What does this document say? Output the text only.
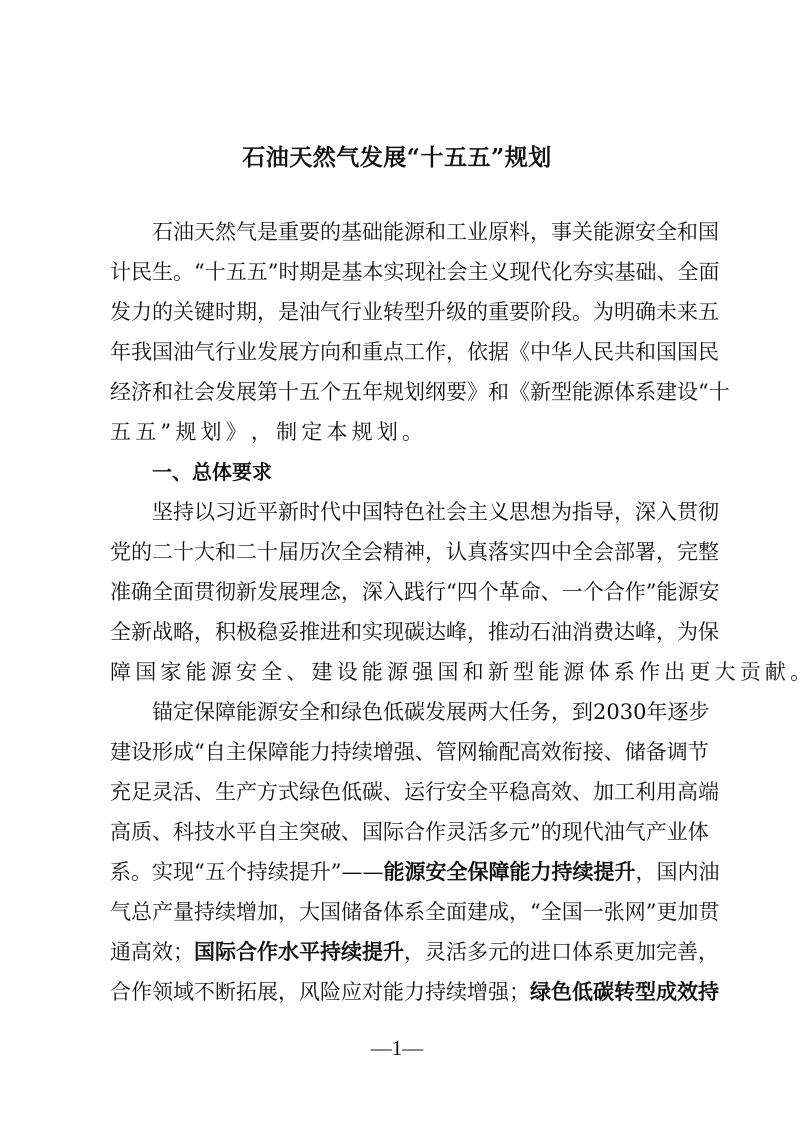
石油天然气发展“十五五”规划
石 油 天 然 气 是 重 要 的 基 础 能 源 和 工 业 原 料 ， 事 关 能 源 安 全 和 国
计 民 生 。 “ 十 五 五 ” 时 期 是 基 本 实 现 社 会 主 义 现 代 化 夯 实 基 础 、 全 面
发 力 的 关 键 时 期 ， 是 油 气 行 业 转 型 升 级 的 重 要 阶 段 。 为 明 确 未 来 五
年 我 国 油 气 行 业 发 展 方 向 和 重 点 工 作 ， 依 据 《 中 华 人 民 共 和 国 国 民
经 济 和 社 会 发 展 第 十 五 个 五 年 规 划 纲 要 》 和 《 新 型 能 源 体 系 建 设 “ 十
五 五 ” 规 划 》 ， 制 定 本 规 划 。
一、总体要求
坚 持 以 习 近 平 新 时 代 中 国 特 色 社 会 主 义 思 想 为 指 导 ， 深 入 贯 彻
党 的 二 十 大 和 二 十 届 历 次 全 会 精 神 ， 认 真 落 实 四 中 全 会 部 署 ， 完 整
准 确 全 面 贯 彻 新 发 展 理 念 ， 深 入 践 行 “ 四 个 革 命 、 一 个 合 作 ” 能 源 安
全 新 战 略 ， 积 极 稳 妥 推 进 和 实 现 碳 达 峰 ， 推 动 石 油 消 费 达 峰 ， 为 保
障 国 家 能 源 安 全 、 建 设 能 源 强 国 和 新 型 能 源 体 系 作 出 更 大 贡 献 。
锚 定 保 障 能 源 安 全 和 绿 色 低 碳 发 展 两 大 任 务 ， 到 2030 年 逐 步
建 设 形 成 “ 自 主 保 障 能 力 持 续 增 强 、 管 网 输 配 高 效 衔 接 、 储 备 调 节
充 足 灵 活 、 生 产 方 式 绿 色 低 碳 、 运 行 安 全 平 稳 高 效 、 加 工 利 用 高 端
高 质 、 科 技 水 平 自 主 突 破 、 国 际 合 作 灵 活 多 元 ” 的 现 代 油 气 产 业 体
系 。 实 现 “ 五 个 持 续 提 升 ” — — 能 源 安 全 保 障 能 力 持 续 提 升 ， 国 内 油
气 总 产 量 持 续 增 加 ， 大 国 储 备 体 系 全 面 建 成 ， “ 全 国 一 张 网 ” 更 加 贯
通 高 效 ； 国 际 合 作 水 平 持 续 提 升 ， 灵 活 多 元 的 进 口 体 系 更 加 完 善 ，
合 作 领 域 不 断 拓 展 ， 风 险 应 对 能 力 持 续 增 强 ； 绿 色 低 碳 转 型 成 效 持
—1—
